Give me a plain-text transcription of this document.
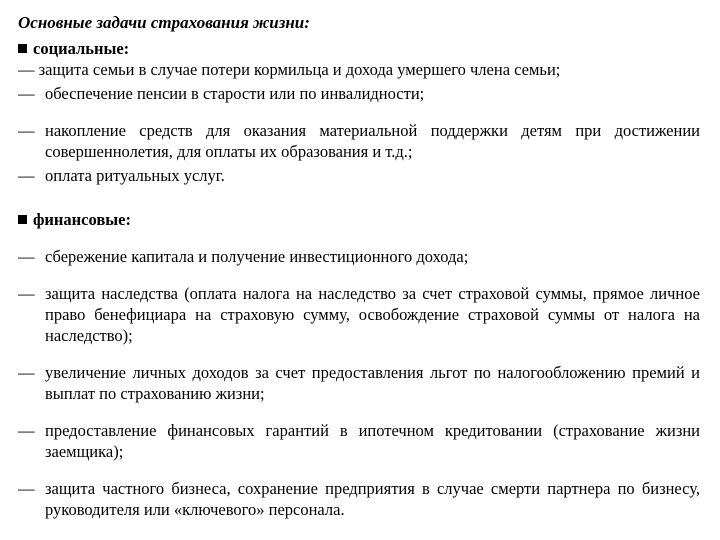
Основные задачи страхования жизни:
социальные:
— защита семьи в случае потери кормильца и дохода умершего члена семьи;
— обеспечение пенсии в старости или по инвалидности;
— накопление средств для оказания материальной поддержки детям при достижении совершеннолетия, для оплаты их образования и т.д.;
— оплата ритуальных услуг.
финансовые:
— сбережение капитала и получение инвестиционного дохода;
— защита наследства (оплата налога на наследство за счет страховой суммы, прямое личное право бенефициара на страховую сумму, освобождение страховой суммы от налога на наследство);
— увеличение личных доходов за счет предоставления льгот по налогообложению премий и выплат по страхованию жизни;
— предоставление финансовых гарантий в ипотечном кредитовании (страхование жизни заемщика);
— защита частного бизнеса, сохранение предприятия в случае смерти партнера по бизнесу, руководителя или «ключевого» персонала.
